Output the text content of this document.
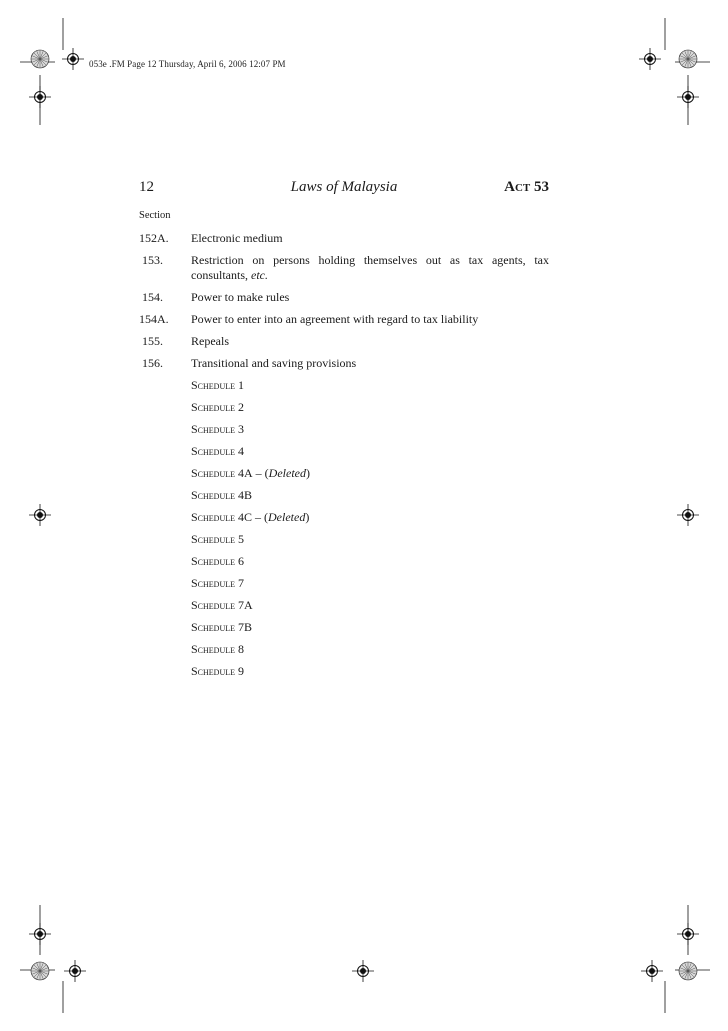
053e .FM Page 12 Thursday, April 6, 2006 12:07 PM
12	Laws of Malaysia	Act 53
Section
152A.	Electronic medium
153.	Restriction on persons holding themselves out as tax agents, tax consultants, etc.
154.	Power to make rules
154A.	Power to enter into an agreement with regard to tax liability
155.	Repeals
156.	Transitional and saving provisions
Schedule 1
Schedule 2
Schedule 3
Schedule 4
Schedule 4A – (Deleted)
Schedule 4B
Schedule 4C – (Deleted)
Schedule 5
Schedule 6
Schedule 7
Schedule 7A
Schedule 7B
Schedule 8
Schedule 9
